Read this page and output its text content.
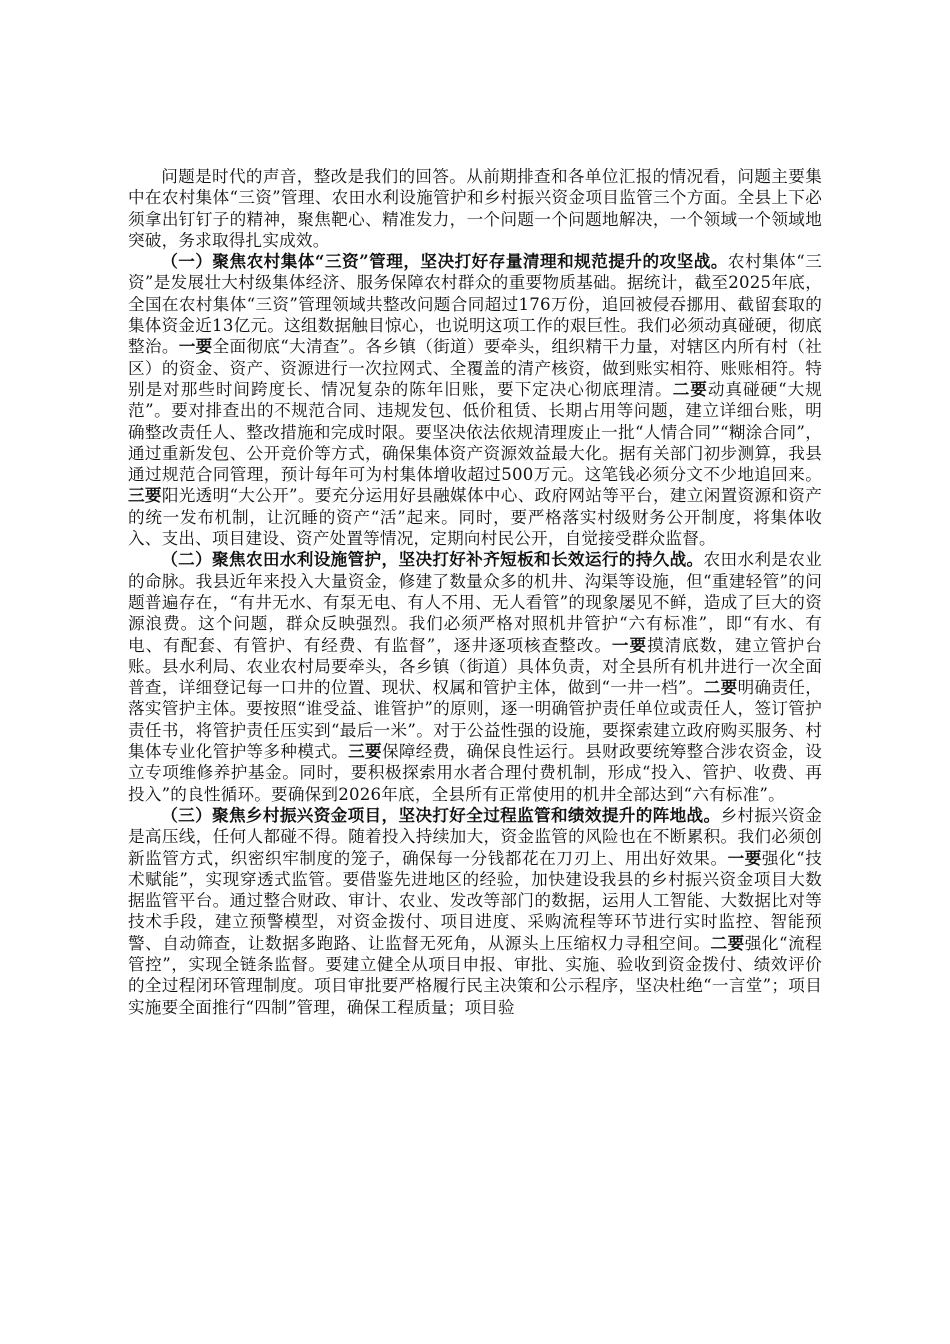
问题是时代的声音，整改是我们的回答。从前期排查和各单位汇报的情况看，问题主要集中在农村集体“三资”管理、农田水利设施管护和乡村振兴资金项目监管三个方面。全县上下必须拿出钉钉子的精神，聚焦靶心、精准发力，一个问题一个问题地解决，一个领域一个领域地突破，务求取得扎实成效。

（一）聚焦农村集体“三资”管理，坚决打好存量清理和规范提升的攻坚战。农村集体“三资”是发展壮大村级集体经济、服务保障农村群众的重要物质基础。据统计，截至2025年底，全国在农村集体“三资”管理领域共整改问题合同超过176万份，追回被侵吞挪用、截留套取的集体资金近13亿元。这组数据触目惊心，也说明这项工作的艰巨性。我们必须动真碰硬，彻底整治。一要全面彻底“大清查”。各乡镇（街道）要牵头，组织精干力量，对辖区内所有村（社区）的资金、资产、资源进行一次拉网式、全覆盖的清产核资，做到账实相符、账账相符。特别是对那些时间跨度长、情况复杂的陈年旧账，要下定决心彻底理清。二要动真碰硬“大规范”。要对排查出的不规范合同、违规发包、低价租赁、长期占用等问题，建立详细台账，明确整改责任人、整改措施和完成时限。要坚决依法依规清理废止一批“人情合同”“糊涂合同”，通过重新发包、公开竞价等方式，确保集体资产资源效益最大化。据有关部门初步测算，我县通过规范合同管理，预计每年可为村集体增收超过500万元。这笔钱必须分文不少地追回来。三要阳光透明“大公开”。要充分运用好县融媒体中心、政府网站等平台，建立闲置资源和资产的统一发布机制，让沉睡的资产“活”起来。同时，要严格落实村级财务公开制度，将集体收入、支出、项目建设、资产处置等情况，定期向村民公开，自觉接受群众监督。

（二）聚焦农田水利设施管护，坚决打好补齐短板和长效运行的持久战。农田水利是农业的命脉。我县近年来投入大量资金，修建了数量众多的机井、沟渠等设施，但“重建轻管”的问题普遍存在，“有井无水、有泵无电、有人不用、无人看管”的现象屡见不鲜，造成了巨大的资源浪费。这个问题，群众反映强烈。我们必须严格对照机井管护“六有标准”，即“有水、有电、有配套、有管护、有经费、有监督”，逐井逐项核查整改。一要摸清底数，建立管护台账。县水利局、农业农村局要牵头，各乡镇（街道）具体负责，对全县所有机井进行一次全面普查，详细登记每一口井的位置、现状、权属和管护主体，做到“一井一档”。二要明确责任，落实管护主体。要按照“谁受益、谁管护”的原则，逐一明确管护责任单位或责任人，签订管护责任书，将管护责任压实到“最后一米”。对于公益性强的设施，要探索建立政府购买服务、村集体专业化管护等多种模式。三要保障经费，确保良性运行。县财政要统筹整合涉农资金，设立专项维修养护基金。同时，要积极探索用水者合理付费机制，形成“投入、管护、收费、再投入”的良性循环。要确保到2026年底，全县所有正常使用的机井全部达到“六有标准”。

（三）聚焦乡村振兴资金项目，坚决打好全过程监管和绩效提升的阵地战。乡村振兴资金是高压线，任何人都碰不得。随着投入持续加大，资金监管的风险也在不断累积。我们必须创新监管方式，织密织牢制度的笼子，确保每一分钱都花在刀刃上、用出好效果。一要强化“技术赋能”，实现穿透式监管。要借鉴先进地区的经验，加快建设我县的乡村振兴资金项目大数据监管平台。通过整合财政、审计、农业、发改等部门的数据，运用人工智能、大数据比对等技术手段，建立预警模型，对资金拨付、项目进度、采购流程等环节进行实时监控、智能预警、自动筛查，让数据多跑路、让监督无死角，从源头上压缩权力寻租空间。二要强化“流程管控”，实现全链条监督。要建立健全从项目申报、审批、实施、验收到资金拨付、绩效评价的全过程闭环管理制度。项目审批要严格履行民主决策和公示程序，坚决杜绝“一言堂”；项目实施要全面推行“四制”管理，确保工程质量；项目验
